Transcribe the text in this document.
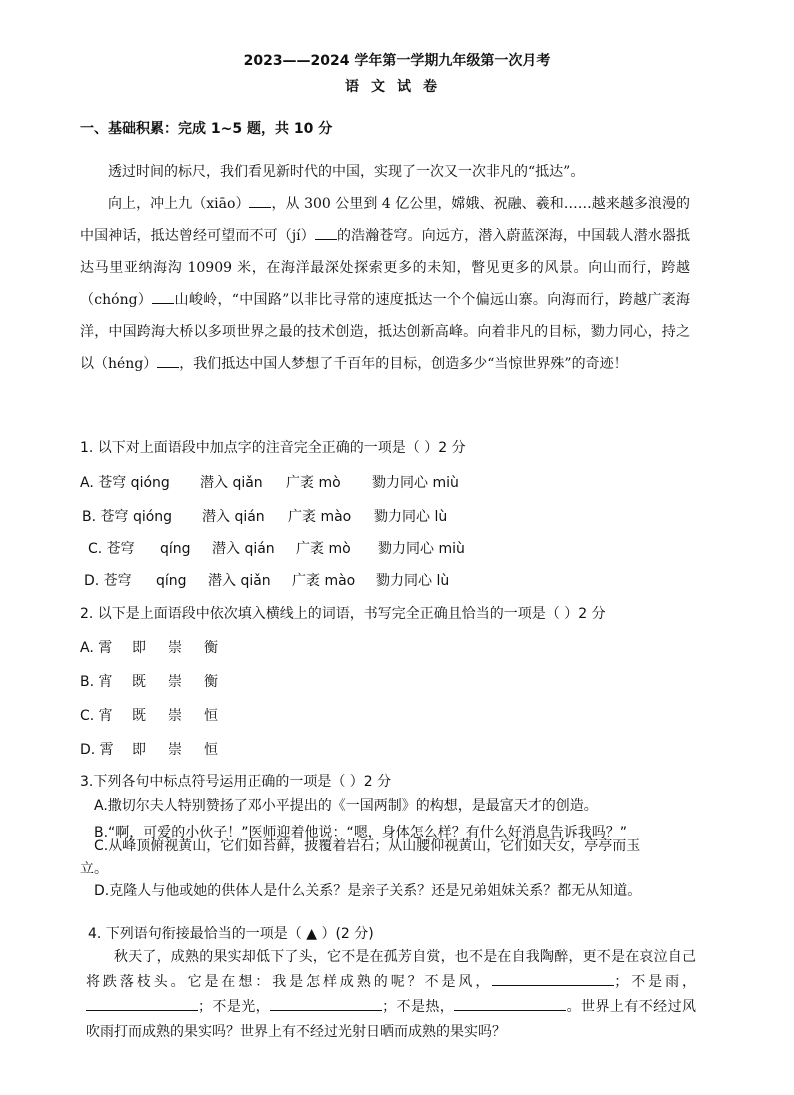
2023——2024 学年第一学期九年级第一次月考
语文试卷
一、基础积累：完成 1~5 题，共 10 分

透过时间的标尺，我们看见新时代的中国，实现了一次又一次非凡的“抵达”。

向上，冲上九（xiāo） ，从 300 公里到 4 亿公里，嫦娥、祝融、羲和……越来越多浪漫的中国神话，抵达曾经可望而不可（jí） 的浩瀚苍穹。向远方，潜入蔚蓝深海，中国载人潜水器抵达马里亚纳海沟 10909 米，在海洋最深处探索更多的未知，瞥见更多的风景。向山而行，跨越（chóng） 山峻岭，“中国路”以非比寻常的速度抵达一个个偏远山寨。向海而行，跨越广袤海洋，中国跨海大桥以多项世界之最的技术创造，抵达创新高峰。向着非凡的目标，勠力同心，持之以（héng） ，我们抵达中国人梦想了千百年的目标，创造多少“当惊世界殊”的奇迹！

1. 以下对上面语段中加点字的注音完全正确的一项是（ ）2 分
A. 苍穹 qióng 潜入 qiǎn 广袤 mò 勠力同心 miù
B. 苍穹 qióng 潜入 qián 广袤 mào 勠力同心 lù
C. 苍穹 qíng 潜入 qián 广袤 mò 勠力同心 miù
D. 苍穹 qíng 潜入 qiǎn 广袤 mào 勠力同心 lù
2. 以下是上面语段中依次填入横线上的词语，书写完全正确且恰当的一项是（ ）2 分
A. 霄 即 崇 衡
B. 宵 既 崇 衡
C. 宵 既 崇 恒
D. 霄 即 崇 恒
3.下列各句中标点符号运用正确的一项是（ ）2 分
A.撒切尔夫人特别赞扬了邓小平提出的《一国两制》的构想，是最富天才的创造。
B.“啊，可爱的小伙子！”医师迎着他说：“嗯，身体怎么样？有什么好消息告诉我吗？”
C.从峰顶俯视黄山，它们如苔藓，披覆着岩石；从山腰仰视黄山，它们如天女，亭亭而玉
立。
D.克隆人与他或她的供体人是什么关系？是亲子关系？还是兄弟姐妹关系？都无从知道。
4. 下列语句衔接最恰当的一项是（ ▲ ）(2 分)

秋天了，成熟的果实却低下了头，它不是在孤芳自赏，也不是在自我陶醉，更不是在哀泣自己将跌落枝头。它是在想：我是怎样成熟的呢？不是风，	；不是雨，；不是光，	；不是热，	。世界上有不经过风吹雨打而成熟的果实吗？世界上有不经过光射日晒而成熟的果实吗？
